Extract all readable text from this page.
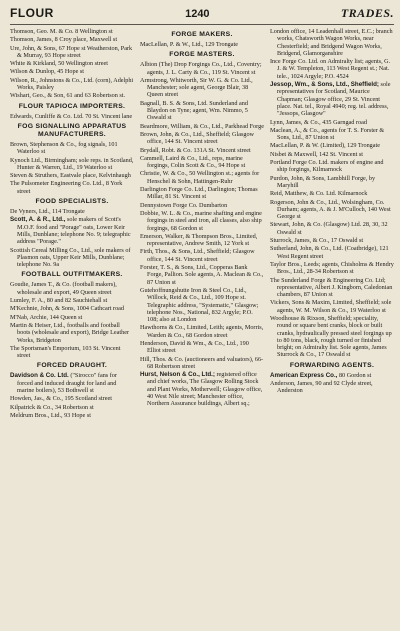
FLOUR	1240	TRADES.
Thomson, Geo. M. & Co. 8 Wellington st
Thomson, James, 8 Croy place, Maxwell st
Ure, John, & Sons, 67 Hope st Weatherston, Park & Murray, 93 Hope street
White & Kirkland, 50 Wellington street
Wilson & Dunlop, 45 Hope st
Wilson, R., Johnstons & Co., Ltd. (corn), Adelphi Works, Paisley
Wishart, Geo., & Son, 61 and 63 Robertson st.
FLOUR TAPIOCA IMPORTERS.
Edwards, Cunliffe & Co. Ltd. 70 St. Vincent lane
FOG SIGNALLING APPARATUS MANUFACTURERS.
Brown, Stephenson & Co., fog signals, 101 Waterloo st
Kynoch Ltd., Birmingham; sole reps. in Scotland, Hunter & Warren, Ltd., 19 Waterloo st
Steven & Struthers, Eastvale place, Kelvinhaugh
The Pulsometer Engineering Co. Ltd., 8 York street
FOOD SPECIALISTS.
De Vyners, Ltd., 114 Trongate
Scott, A. & R., Ltd., sole makers of Scott's M.O.F. food and "Porage" oats, Lower Keir Mills, Dunblane; telephone No. 9; telegraphic address "Porage."
Scottish Cereal Milling Co., Ltd., sole makers of Plasmon oats, Upper Keir Mills, Dunblane; telephone No. 9a
FOOTBALL OUTFITMAKERS.
Goudie, James T., & Co. (football makers), wholesale and export, 49 Queen street
Lumley, F. A., 80 and 82 Sauchiehall st
M'Kechnie, John, & Sons, 1004 Cathcart road
M'Nab, Archie, 144 Queen st
Martin & Heiser, Ltd., footballs and football boots (wholesale and export), Bridge Leather Works, Bridgeton
The Sportsman's Emporium, 103 St. Vincent street
FORCED DRAUGHT.
Davidson & Co. Ltd. ("Sirocco" fans for forced and induced draught for land and marine boilers), 53 Bothwell st
Howden, Jas., & Co., 195 Scotland street
Kilpatrick & Co., 34 Robertson st
Meldrum Bros., Ltd., 93 Hope st
FORGE MAKERS.
MacLellan, P. & W., Ltd., 129 Trongate
FORGE MASTERS.
Albion (The) Drop Forgings Co., Ltd., Coventry; agents, J. L. Carty & Co., 119 St. Vincent st
Armstrong, Whitworth, Sir W. G. & Co. Ltd., Manchester; sole agent, George Blair, 38 Queen street
Bagnall, B. S. & Sons, Ltd. Sunderland and Blaydon on Tyne; agent, Wm. Nimmo, 5 Oswald st
Beardmore, William, & Co., Ltd., Parkhead Forge
Brown, John, & Co., Ltd., Sheffield; Glasgow office, 144 St. Vincent street
Brydall, Robt. & Co. 131A St. Vincent street
Cammell, Laird & Co., Ltd., reps, marine forgings, Colin Scott & Co., 94 Hope st
Christie, W. & Co., 50 Wellington st.; agents for Henschel & Sohn, Hattingen-Ruhr
Darlington Forge Co. Ltd., Darlington; Thomas Millar, 81 St. Vincent st
Dennystown Forge Co. Dumbarton
Dobbie, W. L. & Co., marine shafting and engine forgings in steel and iron, all classes, also ship forgings, 68 Gordon st
Emerson, Walker, & Thompson Bros., Limited, representative, Andrew Smith, 12 York st
Firth, Thos., & Sons, Ltd., Sheffield; Glasgow office, 144 St. Vincent street
Forster, T. S., & Sons, Ltd., Copperas Bank Forge, Pallion. Sole agents, A. Maclean & Co., 87 Union st
Gutehoffnungshutte Iron & Steel Co., Ltd., Willock, Reid & Co., Ltd., 109 Hope st. Telegraphic address, "Systematic," Glasgow; telephone Nos., National, 832 Argyle; P.O. 108; also at London
Hawthorns & Co., Limited, Leith; agents, Morris, Warden & Co., 68 Gordon street
Henderson, David & Wm., & Co., Ltd., 190 Elliot street
Hill, Thos. & Co. (auctioneers and valuators), 66-68 Robertson street
Hurst, Nelson & Co., Ltd.; registered office and chief works, The Glasgow Rolling Stock and Plant Works, Motherwell; Glasgow office, 40 West Nile street; Manchester office, Northern Assurance buildings, Albert sq.;
London office, 14 Leadenhall street, E.C.; branch works, Chatsworth Wagon Works, near Chesterfield; and Bridgend Wagon Works, Bridgend, Glamorganshire
Ince Forge Co. Ltd. on Admiralty list; agents, G. J. & W. Templeton, 113 West Regent st.; Nat. tele., 1024 Argyle; P.O. 4524
Jessop, Wm., & Sons, Ltd., Sheffield; sole representatives for Scotland, Maurice Chapman; Glasgow office, 29 St. Vincent place. Nat. tel., Royal 4940; reg. tel. address, "Jessops, Glasgow"
Lynn, James, & Co., 435 Garngad road
Maclean, A., & Co., agents for T. S. Forster & Sons, Ltd., 87 Union st
MacLellan, P. & W. (Limited), 129 Trongate
Nisbet & Maxwell, 142 St. Vincent st
Portland Forge Co. Ltd. makers of engine and ship forgings, Kilmarnock
Purdon, John, & Sons, Lambhill Forge, by Maryhill
Reid, Matthew, & Co. Ltd. Kilmarnock
Rogerson, John & Co., Ltd., Wolsingham, Co. Durham; agents, A. & J. M'Culloch, 140 West George st
Stewart, John, & Co. (Glasgow) Ltd. 28, 30, 32 Oswald st
Sturrock, James, & Co., 17 Oswald st
Sutherland, John, & Co., Ltd. (Coatbridge), 121 West Regent street
Taylor Bros., Leeds; agents, Chisholms & Hendry Bros., Ltd., 28-34 Robertson st
The Sunderland Forge & Engineering Co. Ltd; representative, Albert J. Kingborn, Caledonian chambers, 87 Union st
Vickers, Sons & Maxim, Limited, Sheffield; sole agents, W. M. Wilson & Co., 19 Waterloo st
Woodhouse & Rixson, Sheffield; speciality, round or square bent cranks, block or built cranks, hydraulically pressed steel forgings up to 80 tons, black, rough turned or finished bright; on Admiralty list. Sole agents, James Sturrock & Co., 17 Oswald st
FORWARDING AGENTS.
American Express Co., 80 Gordon st
Anderson, James, 90 and 92 Clyde street, Anderston
